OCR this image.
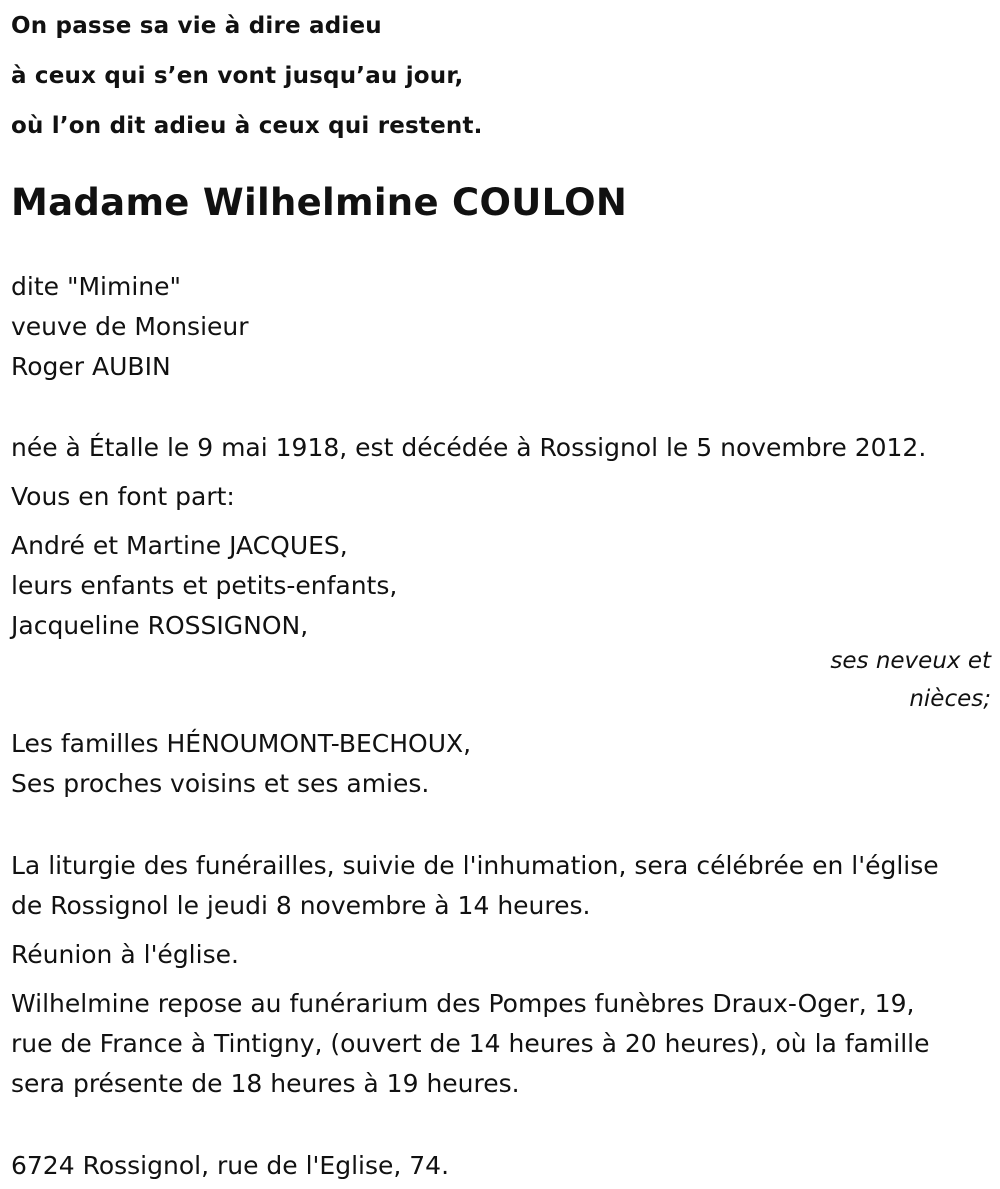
On passe sa vie à dire adieu
à ceux qui s’en vont jusqu’au jour,
où l’on dit adieu à ceux qui restent.
Madame Wilhelmine COULON
dite "Mimine"
veuve de Monsieur
Roger AUBIN
née à Étalle le 9 mai 1918, est décédée à Rossignol le 5 novembre 2012.
Vous en font part:
André et Martine JACQUES,
leurs enfants et petits-enfants,
Jacqueline ROSSIGNON,
ses neveux et
nièces;
Les familles HÉNOUMONT-BECHOUX,
Ses proches voisins et ses amies.
La liturgie des funérailles, suivie de l'inhumation, sera célébrée en l'église
de Rossignol le jeudi 8 novembre à 14 heures.
Réunion à l'église.
Wilhelmine repose au funérarium des Pompes funèbres Draux-Oger, 19,
rue de France à Tintigny, (ouvert de 14 heures à 20 heures), où la famille
sera présente de 18 heures à 19 heures.
6724 Rossignol, rue de l'Eglise, 74.
